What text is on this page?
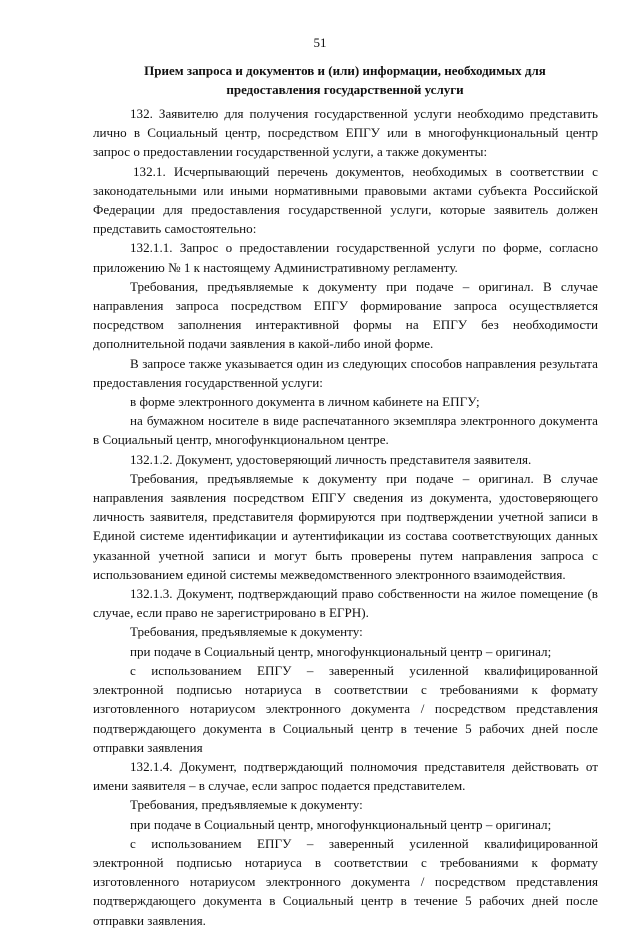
51
Прием запроса и документов и (или) информации, необходимых для
предоставления государственной услуги

132. Заявителю для получения государственной услуги необходимо представить лично в Социальный центр, посредством ЕПГУ или в многофункциональный центр запрос о предоставлении государственной услуги, а также документы:

132.1. Исчерпывающий перечень документов, необходимых в соответствии с законодательными или иными нормативными правовыми актами субъекта Российской Федерации для предоставления государственной услуги, которые заявитель должен представить самостоятельно:

132.1.1. Запрос о предоставлении государственной услуги по форме, согласно приложению № 1 к настоящему Административному регламенту.

Требования, предъявляемые к документу при подаче – оригинал. В случае направления запроса посредством ЕПГУ формирование запроса осуществляется посредством заполнения интерактивной формы на ЕПГУ без необходимости дополнительной подачи заявления в какой-либо иной форме.

В запросе также указывается один из следующих способов направления результата предоставления государственной услуги:

в форме электронного документа в личном кабинете на ЕПГУ;

на бумажном носителе в виде распечатанного экземпляра электронного документа в Социальный центр, многофункциональном центре.

132.1.2. Документ, удостоверяющий личность представителя заявителя.

Требования, предъявляемые к документу при подаче – оригинал. В случае направления заявления посредством ЕПГУ сведения из документа, удостоверяющего личность заявителя, представителя формируются при подтверждении учетной записи в Единой системе идентификации и аутентификации из состава соответствующих данных указанной учетной записи и могут быть проверены путем направления запроса с использованием единой системы межведомственного электронного взаимодействия.

132.1.3. Документ, подтверждающий право собственности на жилое помещение (в случае, если право не зарегистрировано в ЕГРН).

Требования, предъявляемые к документу:

при подаче в Социальный центр, многофункциональный центр – оригинал;

с использованием ЕПГУ – заверенный усиленной квалифицированной электронной подписью нотариуса в соответствии с требованиями к формату изготовленного нотариусом электронного документа / посредством представления подтверждающего документа в Социальный центр в течение 5 рабочих дней после отправки заявления

132.1.4. Документ, подтверждающий полномочия представителя действовать от имени заявителя – в случае, если запрос подается представителем.

Требования, предъявляемые к документу:

при подаче в Социальный центр, многофункциональный центр – оригинал;

с использованием ЕПГУ – заверенный усиленной квалифицированной электронной подписью нотариуса в соответствии с требованиями к формату изготовленного нотариусом электронного документа / посредством представления подтверждающего документа в Социальный центр в течение 5 рабочих дней после отправки заявления.
